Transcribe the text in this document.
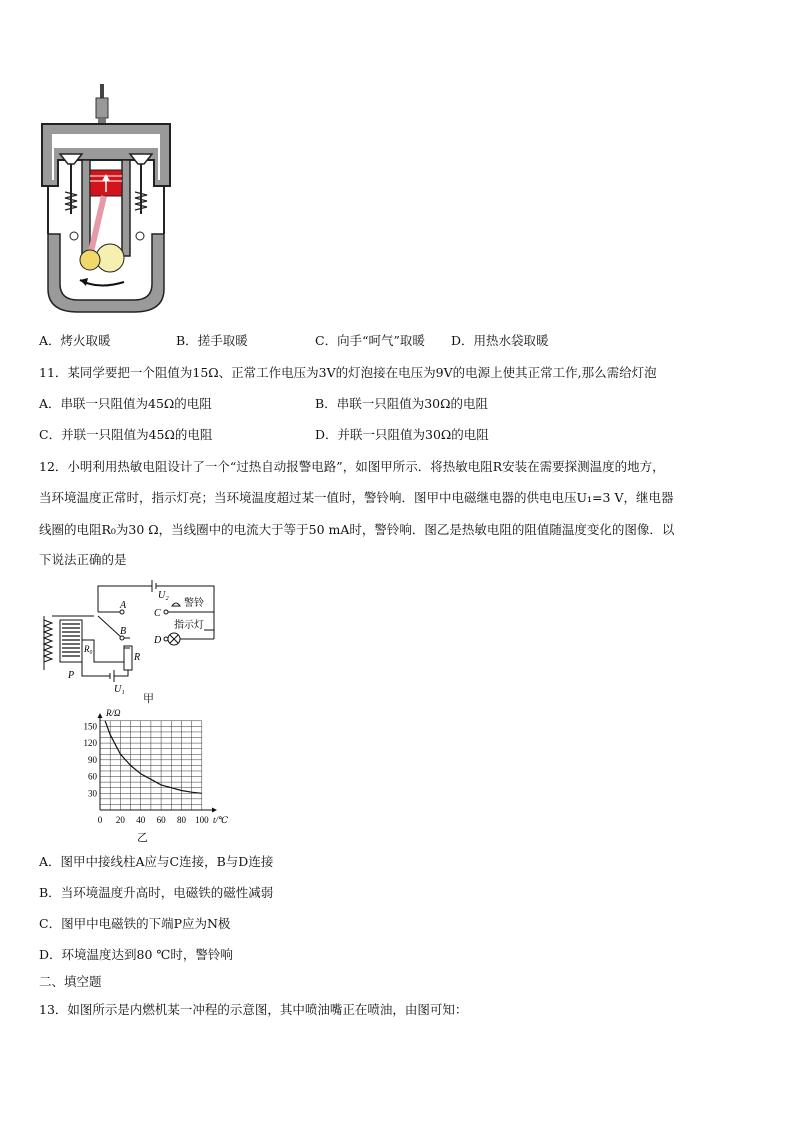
A．烤火取暖	B．搓手取暖	C．向手“呵气”取暖 D．用热水袋取暖
11．某同学要把一个阻值为15Ω、正常工作电压为3V的灯泡接在电压为9V的电源上使其正常工作,那么需给灯泡
A．串联一只阻值为45Ω的电阻	B．串联一只阻值为30Ω的电阻
C．并联一只阻值为45Ω的电阻	D．并联一只阻值为30Ω的电阻
12．小明利用热敏电阻设计了一个“过热自动报警电路”，如图甲所示．将热敏电阻R安装在需要探测温度的地方，
当环境温度正常时，指示灯亮；当环境温度超过某一值时，警铃响．图甲中电磁继电器的供电电压U₁=3 V，继电器
线圈的电阻R₀为30 Ω，当线圈中的电流大于等于50 mA时，警铃响．图乙是热敏电阻的阻值随温度变化的图像．以
下说法正确的是
U₂
A
B
C
D
警铃
指示灯
R
R₀
P
U₁
甲
0 20 40 60 80 100
30
60
90
120
150
R/Ω
t/℃
乙
A．图甲中接线柱A应与C连接，B与D连接
B．当环境温度升高时，电磁铁的磁性减弱
C．图甲中电磁铁的下端P应为N极
D．环境温度达到80 ℃时，警铃响
二、填空题
13．如图所示是内燃机某一冲程的示意图，其中喷油嘴正在喷油，由图可知：
